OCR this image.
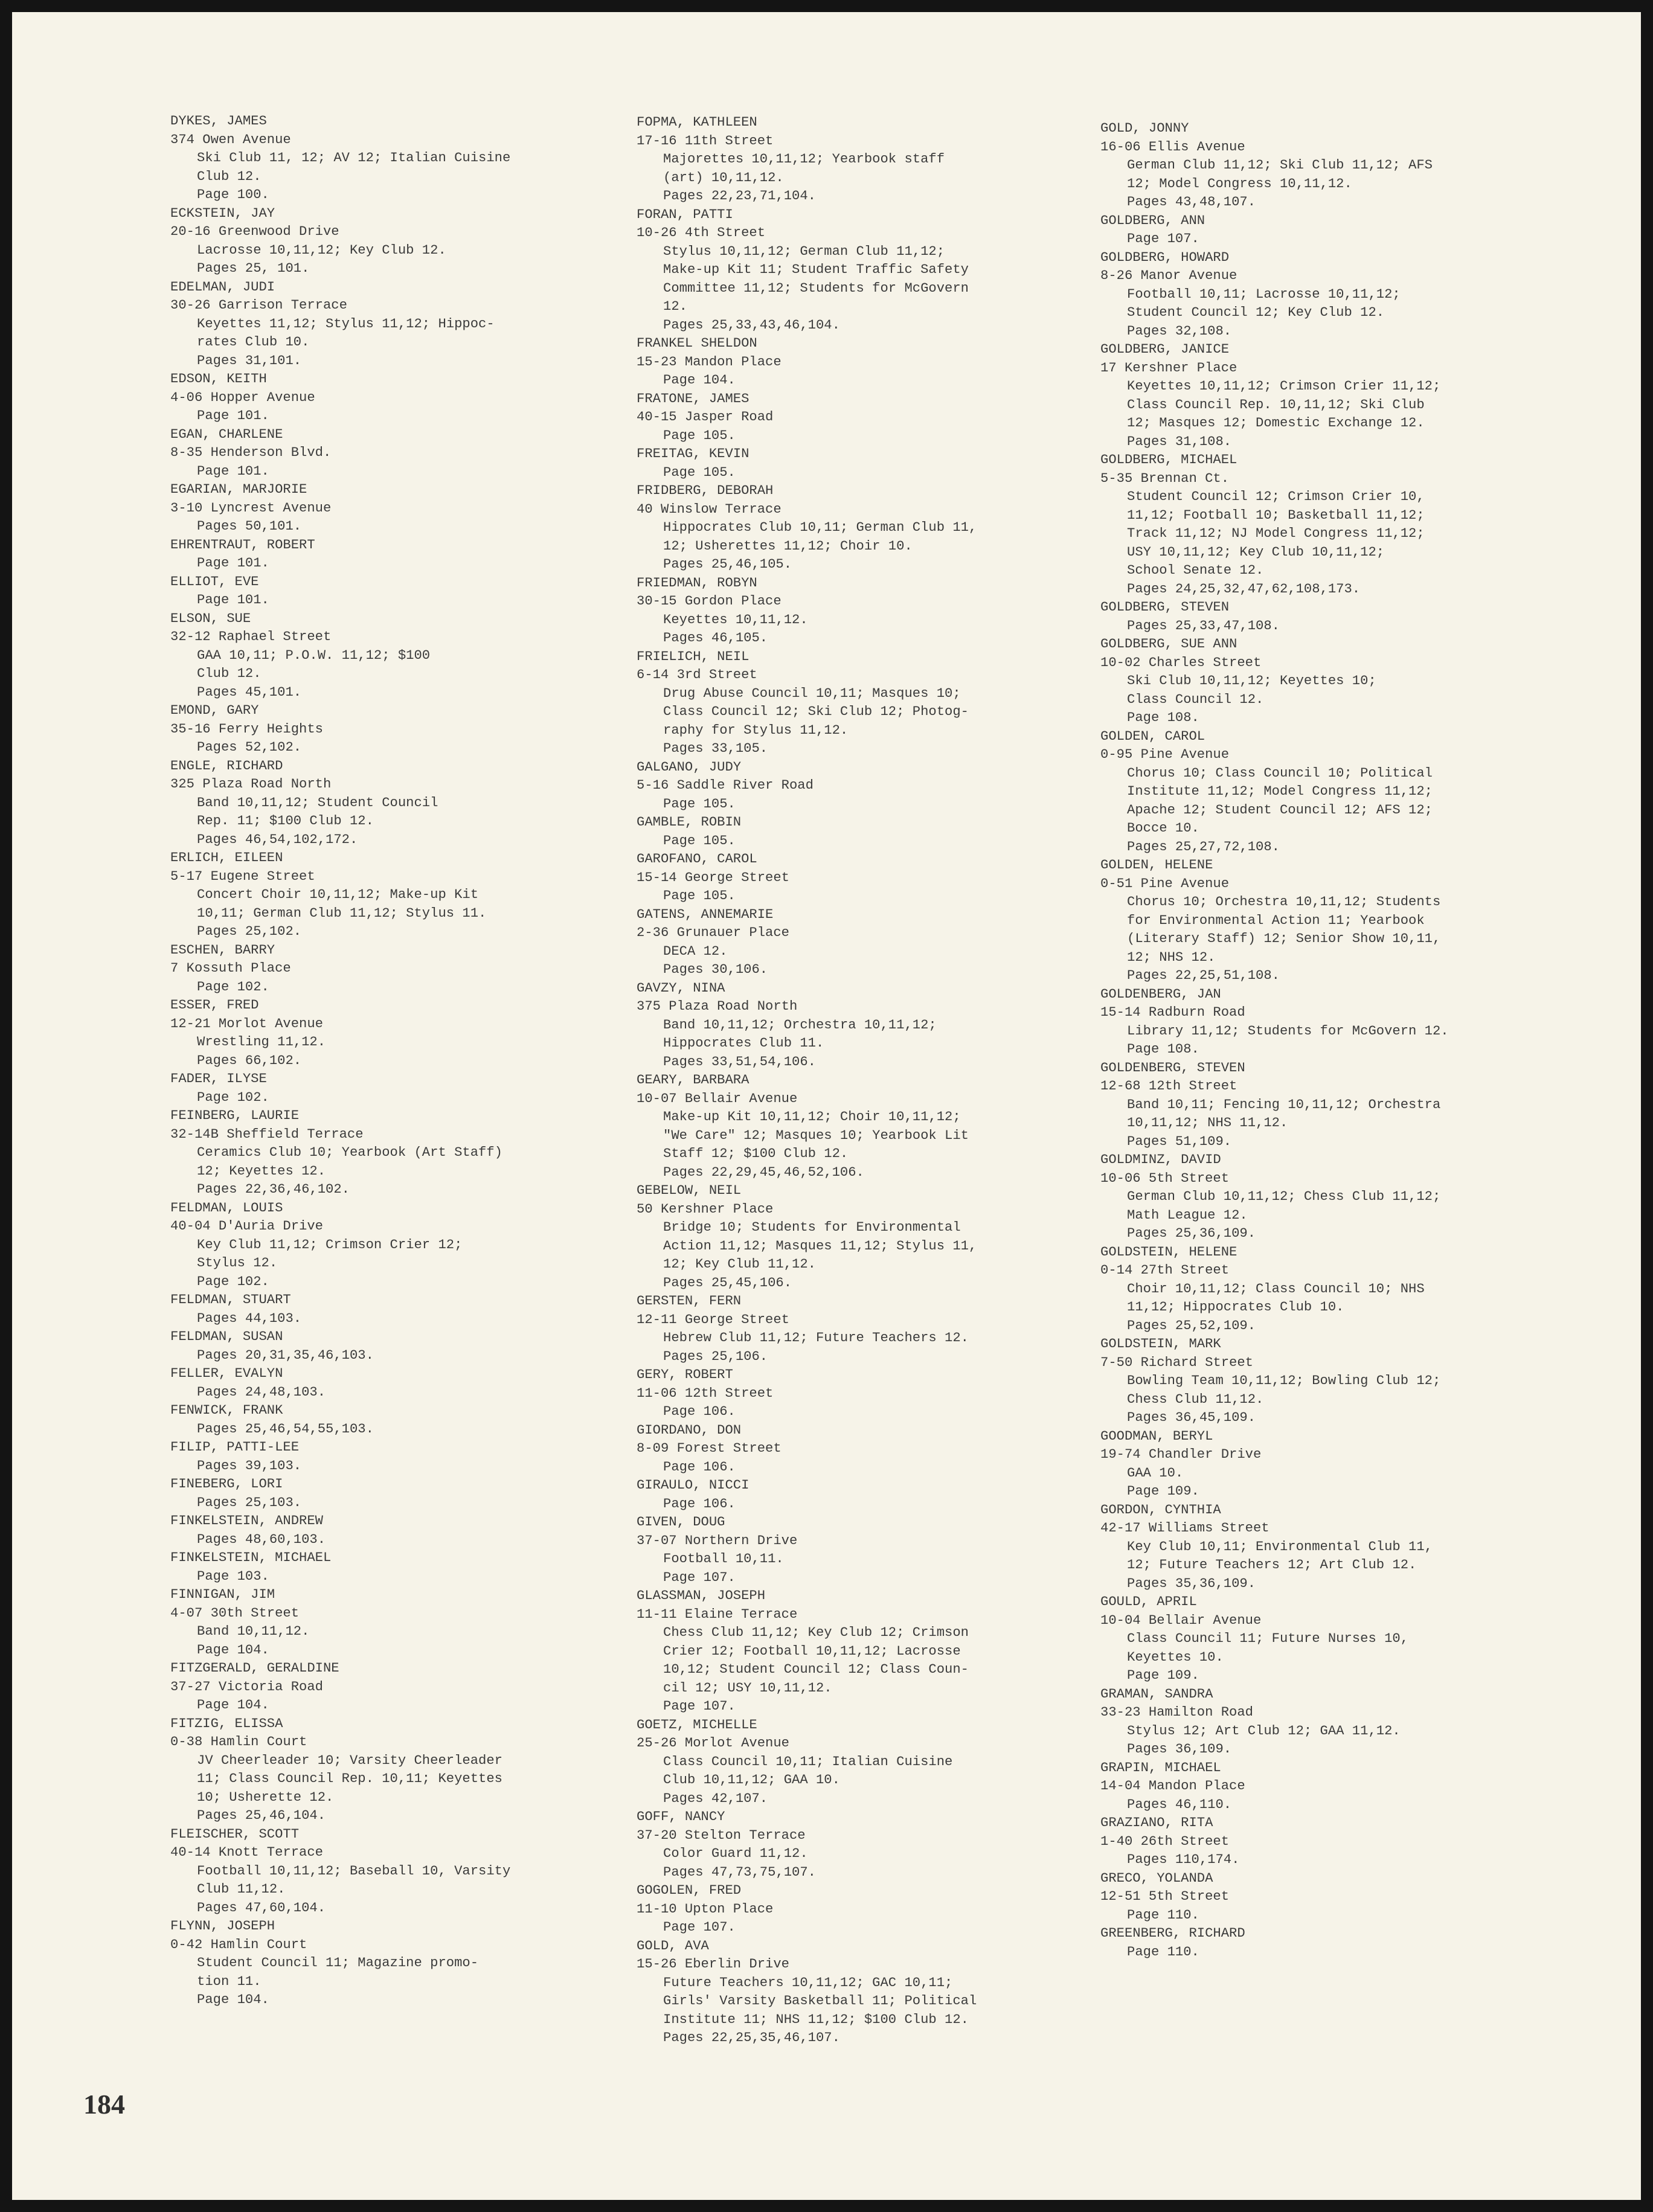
DYKES, JAMES
374 Owen Avenue
Ski Club 11, 12; AV 12; Italian Cuisine
Club 12.
Page 100.
ECKSTEIN, JAY
20-16 Greenwood Drive
Lacrosse 10,11,12; Key Club 12.
Pages 25, 101.
EDELMAN, JUDI
30-26 Garrison Terrace
Keyettes 11,12; Stylus 11,12; Hippoc-
rates Club 10.
Pages 31,101.
EDSON, KEITH
4-06 Hopper Avenue
Page 101.
EGAN, CHARLENE
8-35 Henderson Blvd.
Page 101.
EGARIAN, MARJORIE
3-10 Lyncrest Avenue
Pages 50,101.
EHRENTRAUT, ROBERT
Page 101.
ELLIOT, EVE
Page 101.
ELSON, SUE
32-12 Raphael Street
GAA 10,11; P.O.W. 11,12; $100
Club 12.
Pages 45,101.
EMOND, GARY
35-16 Ferry Heights
Pages 52,102.
ENGLE, RICHARD
325 Plaza Road North
Band 10,11,12; Student Council
Rep. 11; $100 Club 12.
Pages 46,54,102,172.
ERLICH, EILEEN
5-17 Eugene Street
Concert Choir 10,11,12; Make-up Kit
10,11; German Club 11,12; Stylus 11.
Pages 25,102.
ESCHEN, BARRY
7 Kossuth Place
Page 102.
ESSER, FRED
12-21 Morlot Avenue
Wrestling 11,12.
Pages 66,102.
FADER, ILYSE
Page 102.
FEINBERG, LAURIE
32-14B Sheffield Terrace
Ceramics Club 10; Yearbook (Art Staff)
12; Keyettes 12.
Pages 22,36,46,102.
FELDMAN, LOUIS
40-04 D'Auria Drive
Key Club 11,12; Crimson Crier 12;
Stylus 12.
Page 102.
FELDMAN, STUART
Pages 44,103.
FELDMAN, SUSAN
Pages 20,31,35,46,103.
FELLER, EVALYN
Pages 24,48,103.
FENWICK, FRANK
Pages 25,46,54,55,103.
FILIP, PATTI-LEE
Pages 39,103.
FINEBERG, LORI
Pages 25,103.
FINKELSTEIN, ANDREW
Pages 48,60,103.
FINKELSTEIN, MICHAEL
Page 103.
FINNIGAN, JIM
4-07 30th Street
Band 10,11,12.
Page 104.
FITZGERALD, GERALDINE
37-27 Victoria Road
Page 104.
FITZIG, ELISSA
0-38 Hamlin Court
JV Cheerleader 10; Varsity Cheerleader
11; Class Council Rep. 10,11; Keyettes
10; Usherette 12.
Pages 25,46,104.
FLEISCHER, SCOTT
40-14 Knott Terrace
Football 10,11,12; Baseball 10, Varsity
Club 11,12.
Pages 47,60,104.
FLYNN, JOSEPH
0-42 Hamlin Court
Student Council 11; Magazine promo-
tion 11.
Page 104.
FOPMA, KATHLEEN
17-16 11th Street
Majorettes 10,11,12; Yearbook staff
(art) 10,11,12.
Pages 22,23,71,104.
FORAN, PATTI
10-26 4th Street
Stylus 10,11,12; German Club 11,12;
Make-up Kit 11; Student Traffic Safety
Committee 11,12; Students for McGovern
12.
Pages 25,33,43,46,104.
FRANKEL SHELDON
15-23 Mandon Place
Page 104.
FRATONE, JAMES
40-15 Jasper Road
Page 105.
FREITAG, KEVIN
Page 105.
FRIDBERG, DEBORAH
40 Winslow Terrace
Hippocrates Club 10,11; German Club 11,
12; Usherettes 11,12; Choir 10.
Pages 25,46,105.
FRIEDMAN, ROBYN
30-15 Gordon Place
Keyettes 10,11,12.
Pages 46,105.
FRIELICH, NEIL
6-14 3rd Street
Drug Abuse Council 10,11; Masques 10;
Class Council 12; Ski Club 12; Photog-
raphy for Stylus 11,12.
Pages 33,105.
GALGANO, JUDY
5-16 Saddle River Road
Page 105.
GAMBLE, ROBIN
Page 105.
GAROFANO, CAROL
15-14 George Street
Page 105.
GATENS, ANNEMARIE
2-36 Grunauer Place
DECA 12.
Pages 30,106.
GAVZY, NINA
375 Plaza Road North
Band 10,11,12; Orchestra 10,11,12;
Hippocrates Club 11.
Pages 33,51,54,106.
GEARY, BARBARA
10-07 Bellair Avenue
Make-up Kit 10,11,12; Choir 10,11,12;
"We Care" 12; Masques 10; Yearbook Lit
Staff 12; $100 Club 12.
Pages 22,29,45,46,52,106.
GEBELOW, NEIL
50 Kershner Place
Bridge 10; Students for Environmental
Action 11,12; Masques 11,12; Stylus 11,
12; Key Club 11,12.
Pages 25,45,106.
GERSTEN, FERN
12-11 George Street
Hebrew Club 11,12; Future Teachers 12.
Pages 25,106.
GERY, ROBERT
11-06 12th Street
Page 106.
GIORDANO, DON
8-09 Forest Street
Page 106.
GIRAULO, NICCI
Page 106.
GIVEN, DOUG
37-07 Northern Drive
Football 10,11.
Page 107.
GLASSMAN, JOSEPH
11-11 Elaine Terrace
Chess Club 11,12; Key Club 12; Crimson
Crier 12; Football 10,11,12; Lacrosse
10,12; Student Council 12; Class Coun-
cil 12; USY 10,11,12.
Page 107.
GOETZ, MICHELLE
25-26 Morlot Avenue
Class Council 10,11; Italian Cuisine
Club 10,11,12; GAA 10.
Pages 42,107.
GOFF, NANCY
37-20 Stelton Terrace
Color Guard 11,12.
Pages 47,73,75,107.
GOGOLEN, FRED
11-10 Upton Place
Page 107.
GOLD, AVA
15-26 Eberlin Drive
Future Teachers 10,11,12; GAC 10,11;
Girls' Varsity Basketball 11; Political
Institute 11; NHS 11,12; $100 Club 12.
Pages 22,25,35,46,107.
GOLD, JONNY
16-06 Ellis Avenue
German Club 11,12; Ski Club 11,12; AFS
12; Model Congress 10,11,12.
Pages 43,48,107.
GOLDBERG, ANN
Page 107.
GOLDBERG, HOWARD
8-26 Manor Avenue
Football 10,11; Lacrosse 10,11,12;
Student Council 12; Key Club 12.
Pages 32,108.
GOLDBERG, JANICE
17 Kershner Place
Keyettes 10,11,12; Crimson Crier 11,12;
Class Council Rep. 10,11,12; Ski Club
12; Masques 12; Domestic Exchange 12.
Pages 31,108.
GOLDBERG, MICHAEL
5-35 Brennan Ct.
Student Council 12; Crimson Crier 10,
11,12; Football 10; Basketball 11,12;
Track 11,12; NJ Model Congress 11,12;
USY 10,11,12; Key Club 10,11,12;
School Senate 12.
Pages 24,25,32,47,62,108,173.
GOLDBERG, STEVEN
Pages 25,33,47,108.
GOLDBERG, SUE ANN
10-02 Charles Street
Ski Club 10,11,12; Keyettes 10;
Class Council 12.
Page 108.
GOLDEN, CAROL
0-95 Pine Avenue
Chorus 10; Class Council 10; Political
Institute 11,12; Model Congress 11,12;
Apache 12; Student Council 12; AFS 12;
Bocce 10.
Pages 25,27,72,108.
GOLDEN, HELENE
0-51 Pine Avenue
Chorus 10; Orchestra 10,11,12; Students
for Environmental Action 11; Yearbook
(Literary Staff) 12; Senior Show 10,11,
12; NHS 12.
Pages 22,25,51,108.
GOLDENBERG, JAN
15-14 Radburn Road
Library 11,12; Students for McGovern 12.
Page 108.
GOLDENBERG, STEVEN
12-68 12th Street
Band 10,11; Fencing 10,11,12; Orchestra
10,11,12; NHS 11,12.
Pages 51,109.
GOLDMINZ, DAVID
10-06 5th Street
German Club 10,11,12; Chess Club 11,12;
Math League 12.
Pages 25,36,109.
GOLDSTEIN, HELENE
0-14 27th Street
Choir 10,11,12; Class Council 10; NHS
11,12; Hippocrates Club 10.
Pages 25,52,109.
GOLDSTEIN, MARK
7-50 Richard Street
Bowling Team 10,11,12; Bowling Club 12;
Chess Club 11,12.
Pages 36,45,109.
GOODMAN, BERYL
19-74 Chandler Drive
GAA 10.
Page 109.
GORDON, CYNTHIA
42-17 Williams Street
Key Club 10,11; Environmental Club 11,
12; Future Teachers 12; Art Club 12.
Pages 35,36,109.
GOULD, APRIL
10-04 Bellair Avenue
Class Council 11; Future Nurses 10,
Keyettes 10.
Page 109.
GRAMAN, SANDRA
33-23 Hamilton Road
Stylus 12; Art Club 12; GAA 11,12.
Pages 36,109.
GRAPIN, MICHAEL
14-04 Mandon Place
Pages 46,110.
GRAZIANO, RITA
1-40 26th Street
Pages 110,174.
GRECO, YOLANDA
12-51 5th Street
Page 110.
GREENBERG, RICHARD
Page 110.
184
